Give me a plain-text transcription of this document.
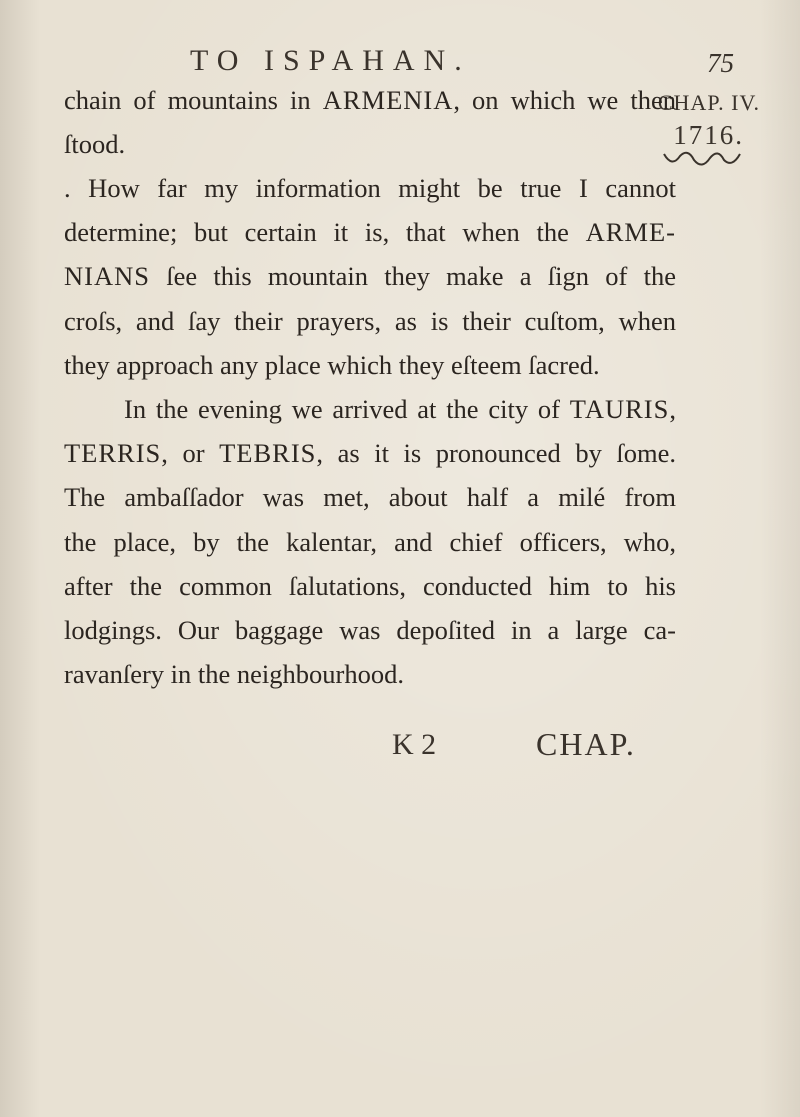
TO ISPAHAN.	75
CHAP. IV.
1716.
chain of mountains in ARMENIA, on which we then
ſtood.
. How far my information might be true I cannot
determine; but certain it is, that when the ARME-
NIANS ſee this mountain they make a ſign of the
croſs, and ſay their prayers, as is their cuſtom, when
they approach any place which they eſteem ſacred.
In the evening we arrived at the city of TAURIS,
TERRIS, or TEBRIS, as it is pronounced by ſome.
The ambaſſador was met, about half a milé from
the place, by the kalentar, and chief officers, who,
after the common ſalutations, conducted him to his
lodgings. Our baggage was depoſited in a large ca-
ravanſery in the neighbourhood.
K 2	CHAP.
